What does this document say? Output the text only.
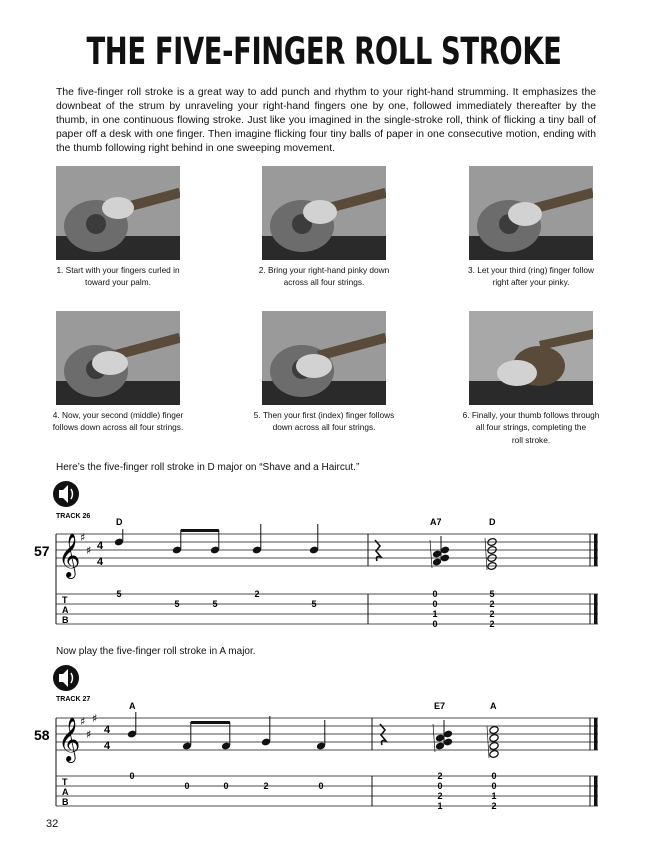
THE FIVE-FINGER ROLL STROKE
The five-finger roll stroke is a great way to add punch and rhythm to your right-hand strumming. It emphasizes the downbeat of the strum by unraveling your right-hand fingers one by one, followed immediately thereafter by the thumb, in one continuous flowing stroke. Just like you imagined in the single-stroke roll, think of flicking a tiny ball of paper off a desk with one finger. Then imagine flicking four tiny balls of paper in one consecutive motion, ending with the thumb following right behind in one sweeping movement.
1. Start with your fingers curled in
toward your palm.
2. Bring your right-hand pinky down
across all four strings.
3. Let your third (ring) finger follow
right after your pinky.
4. Now, your second (middle) finger
follows down across all four strings.
5. Then your first (index) finger follows
down across all four strings.
6. Finally, your thumb follows through
all four strings, completing the
roll stroke.
Here’s the five-finger roll stroke in D major on “Shave and a Haircut.”
Now play the five-finger roll stroke in A major.
TRACK 26
57 𝄞 ♯
♯ 4
4
T
A
B
D	A7	D
5
5	5
2
5
0
0
1
0
5
2
2
2
TRACK 27
58 𝄞 ♯
♯
♯
4
4
T
A
B
A	E7	A
0
0	0	2	0
2
0
2
1
0
0
1
2
32
